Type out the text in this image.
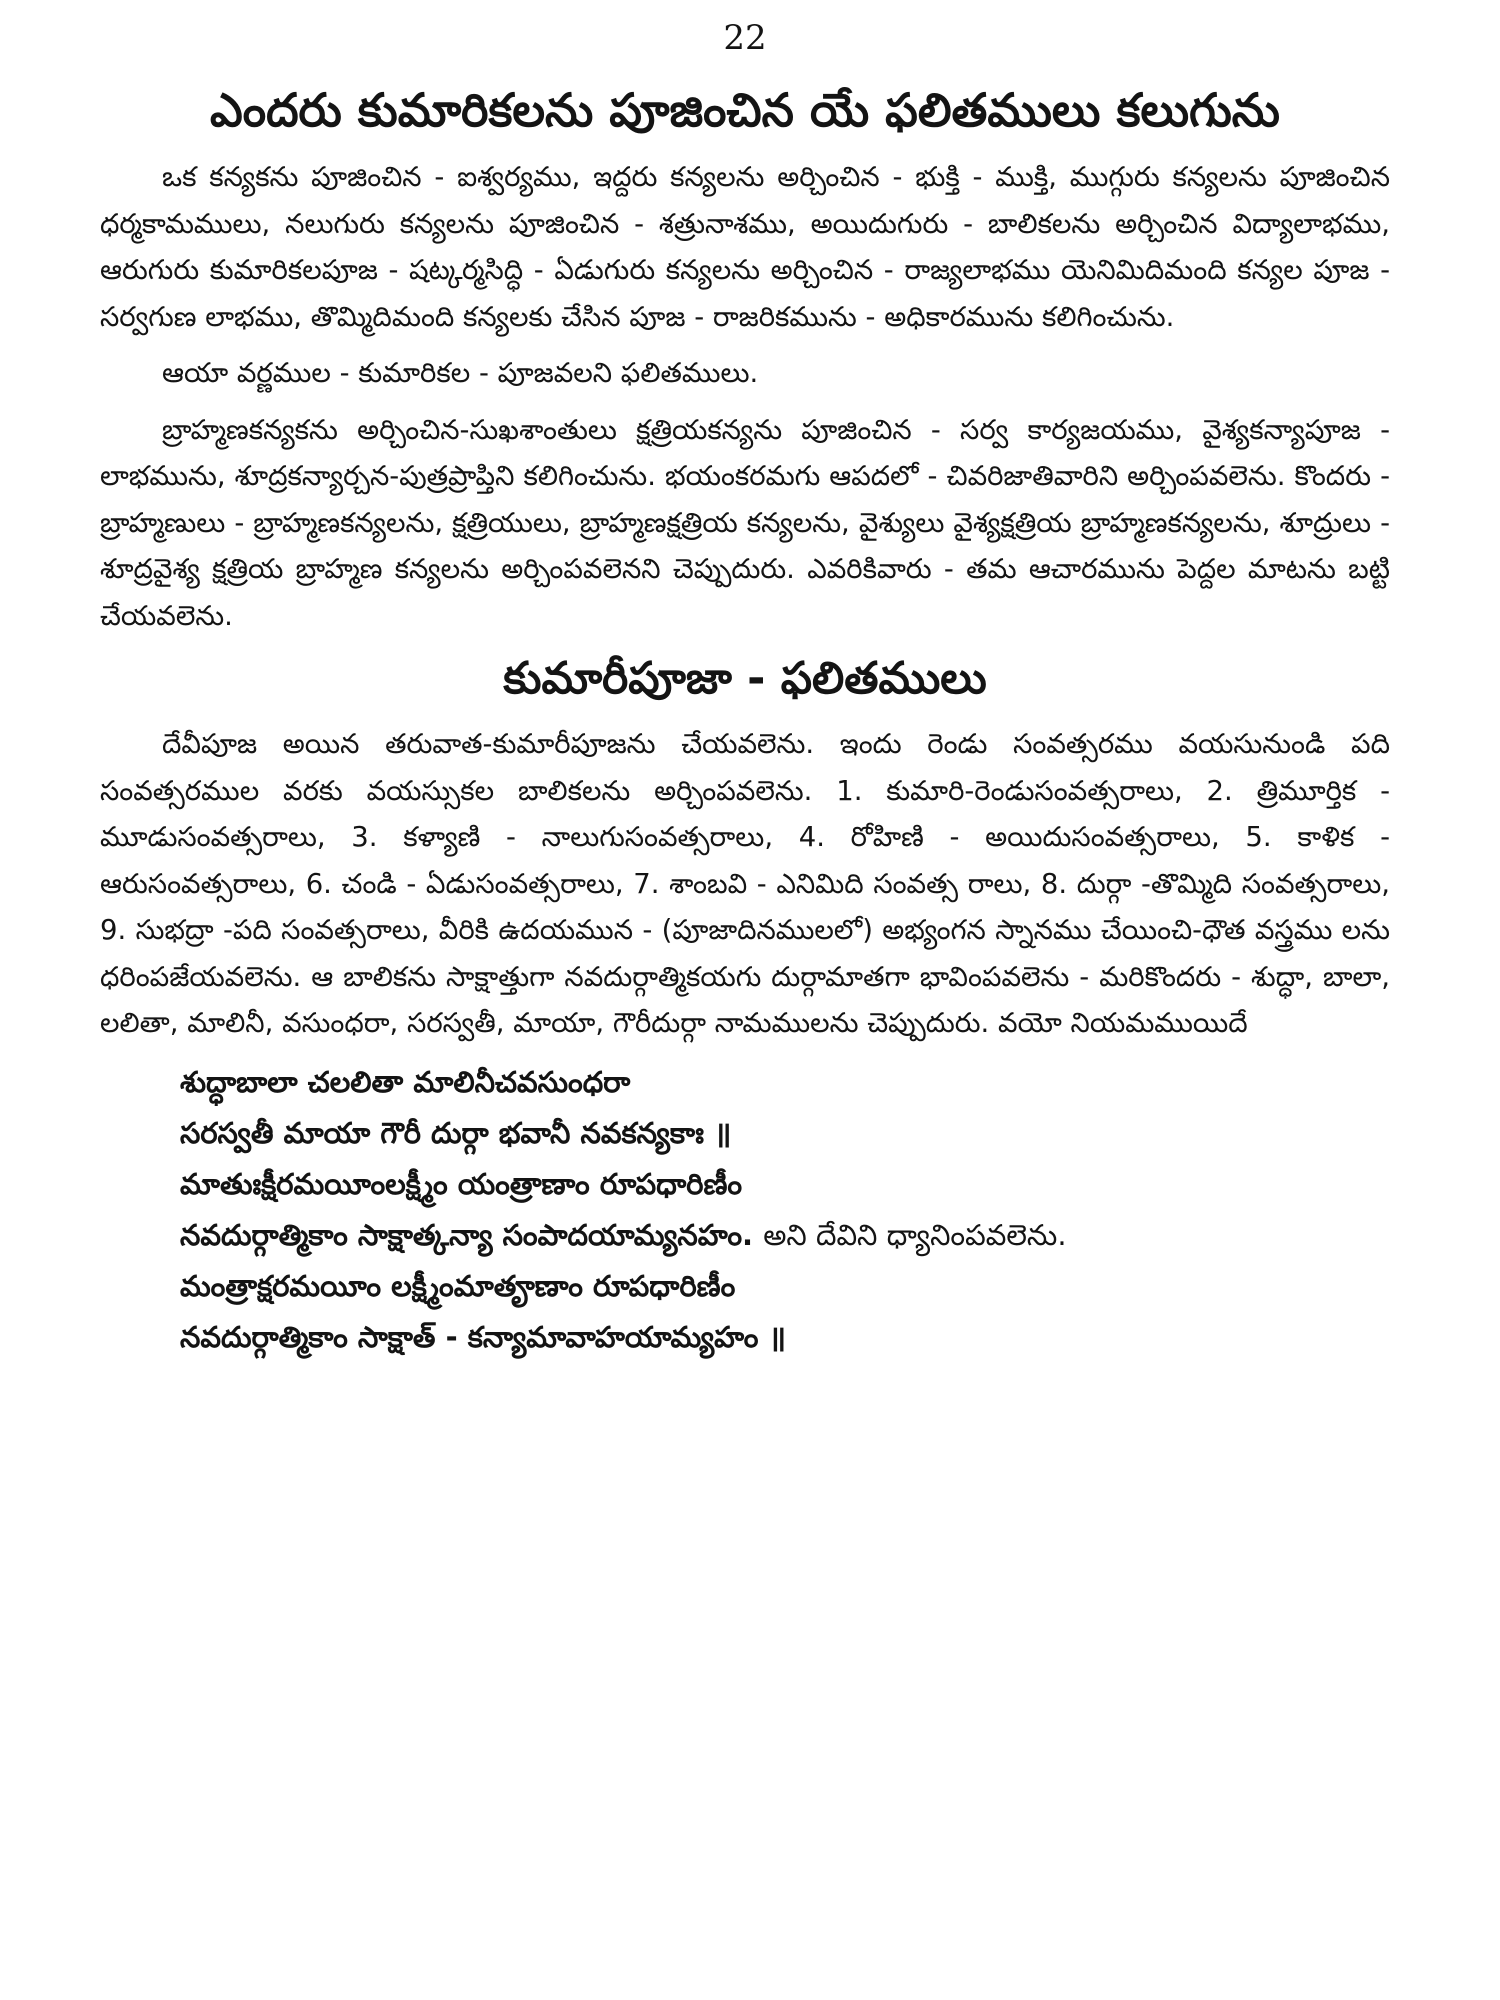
22
ఎందరు కుమారికలను పూజించిన యే ఫలితములు కలుగును

ఒక కన్యకను పూజించిన - ఐశ్వర్యము, ఇద్దరు కన్యలను అర్చించిన - భుక్తి - ముక్తి, ముగ్గురు కన్యలను పూజించిన ధర్మకామములు, నలుగురు కన్యలను పూజించిన - శత్రునాశము, అయిదుగురు - బాలికలను అర్చించిన విద్యాలాభము, ఆరుగురు కుమారికలపూజ - షట్కర్మసిద్ధి - ఏడుగురు కన్యలను అర్చించిన - రాజ్యలాభము యెనిమిదిమంది కన్యల పూజ - సర్వగుణ లాభము, తొమ్మిదిమంది కన్యలకు చేసిన పూజ - రాజరికమును - అధికారమును కలిగించును.

ఆయా వర్ణముల - కుమారికల - పూజవలని ఫలితములు.

బ్రాహ్మణకన్యకను అర్చించిన-సుఖశాంతులు క్షత్రియకన్యను పూజించిన - సర్వ కార్యజయము, వైశ్యకన్యాపూజ - లాభమును, శూద్రకన్యార్చన-పుత్రప్రాప్తిని కలిగించును. భయంకరమగు ఆపదలో - చివరిజాతివారిని అర్చింపవలెను. కొందరు - బ్రాహ్మణులు - బ్రాహ్మణకన్యలను, క్షత్రియులు, బ్రాహ్మణక్షత్రియ కన్యలను, వైశ్యులు వైశ్యక్షత్రియ బ్రాహ్మణకన్యలను, శూద్రులు - శూద్రవైశ్య క్షత్రియ బ్రాహ్మణ కన్యలను అర్చింపవలెనని చెప్పుదురు. ఎవరికివారు - తమ ఆచారమును పెద్దల మాటను బట్టి చేయవలెను.

కుమారీపూజా - ఫలితములు

దేవీపూజ అయిన తరువాత-కుమారీపూజను చేయవలెను. ఇందు రెండు సంవత్సరము వయసునుండి పది సంవత్సరముల వరకు వయస్సుకల బాలికలను అర్చింపవలెను. 1. కుమారి-రెండుసంవత్సరాలు, 2. త్రిమూర్తిక - మూడుసంవత్సరాలు, 3. కళ్యాణి - నాలుగుసంవత్సరాలు, 4. రోహిణి - అయిదుసంవత్సరాలు, 5. కాళిక - ఆరుసంవత్సరాలు, 6. చండి - ఏడుసంవత్సరాలు, 7. శాంబవి - ఎనిమిది సంవత్స రాలు, 8. దుర్గా -తొమ్మిది సంవత్సరాలు, 9. సుభద్రా -పది సంవత్సరాలు, వీరికి ఉదయమున - (పూజాదినములలో) అభ్యంగన స్నానము చేయించి-ధౌత వస్త్రము లను ధరింపజేయవలెను. ఆ బాలికను సాక్షాత్తుగా నవదుర్గాత్మికయగు దుర్గామాతగా భావింపవలెను - మరికొందరు - శుద్ధా, బాలా, లలితా, మాలినీ, వసుంధరా, సరస్వతీ, మాయా, గౌరీదుర్గా నామములను చెప్పుదురు. వయో నియమముయిదే

శుద్ధాబాలా చలలితా మాలినీచవసుంధరా
సరస్వతీ మాయా గౌరీ దుర్గా భవానీ నవకన్యకాః ॥
మాతుఃక్షీరమయీంలక్ష్మీం యంత్రాణాం రూపధారిణీం
నవదుర్గాత్మికాం సాక్షాత్కన్యా సంపాదయామ్యనహం. అని దేవిని ధ్యానింపవలెను.
మంత్రాక్షరమయీం లక్ష్మీంమాతౄణాం రూపధారిణీం
నవదుర్గాత్మికాం సాక్షాత్ - కన్యామావాహయామ్యహం ॥
